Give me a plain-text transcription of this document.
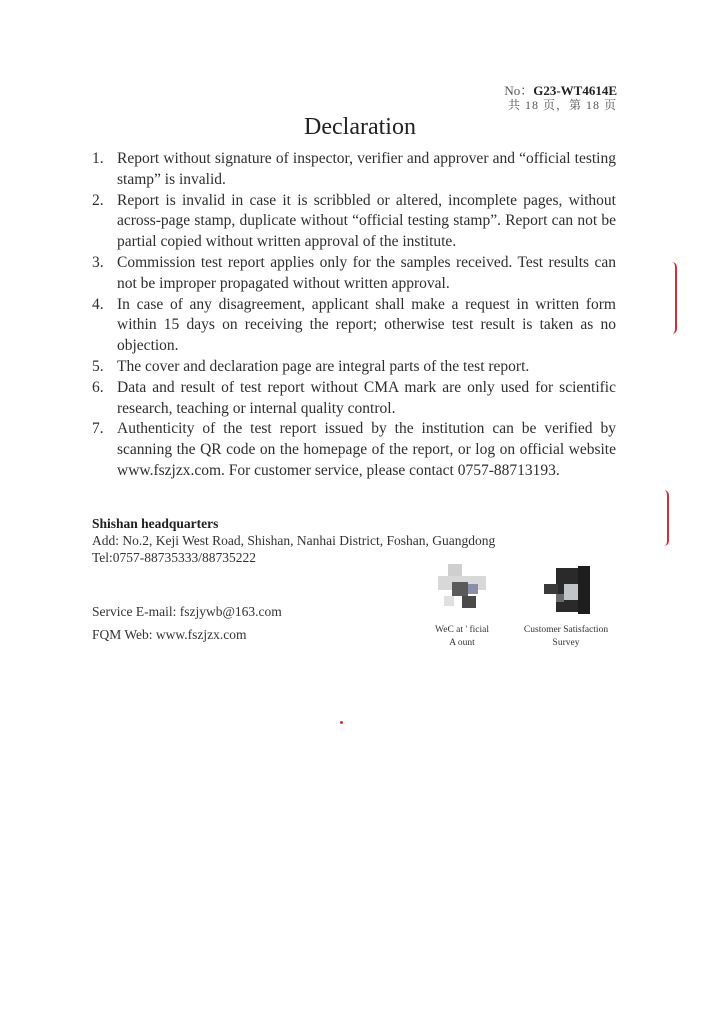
No：G23-WT4614E
共 18 页，第 18 页
Declaration
1. Report without signature of inspector, verifier and approver and “official testing stamp” is invalid.
2. Report is invalid in case it is scribbled or altered, incomplete pages, without across-page stamp, duplicate without “official testing stamp”. Report can not be partial copied without written approval of the institute.
3. Commission test report applies only for the samples received. Test results can not be improper propagated without written approval.
4. In case of any disagreement, applicant shall make a request in written form within 15 days on receiving the report; otherwise test result is taken as no objection.
5. The cover and declaration page are integral parts of the test report.
6. Data and result of test report without CMA mark are only used for scientific research, teaching or internal quality control.
7. Authenticity of the test report issued by the institution can be verified by scanning the QR code on the homepage of the report, or log on official website www.fszjzx.com. For customer service, please contact 0757-88713193.
Shishan headquarters
Add: No.2, Keji West Road, Shishan, Nanhai District, Foshan, Guangdong
Tel:0757-88735333/88735222
Service E-mail: fszjywb@163.com
FQM Web: www.fszjzx.com	WeC at ' ficial
A ount
Customer Satisfaction
Survey
